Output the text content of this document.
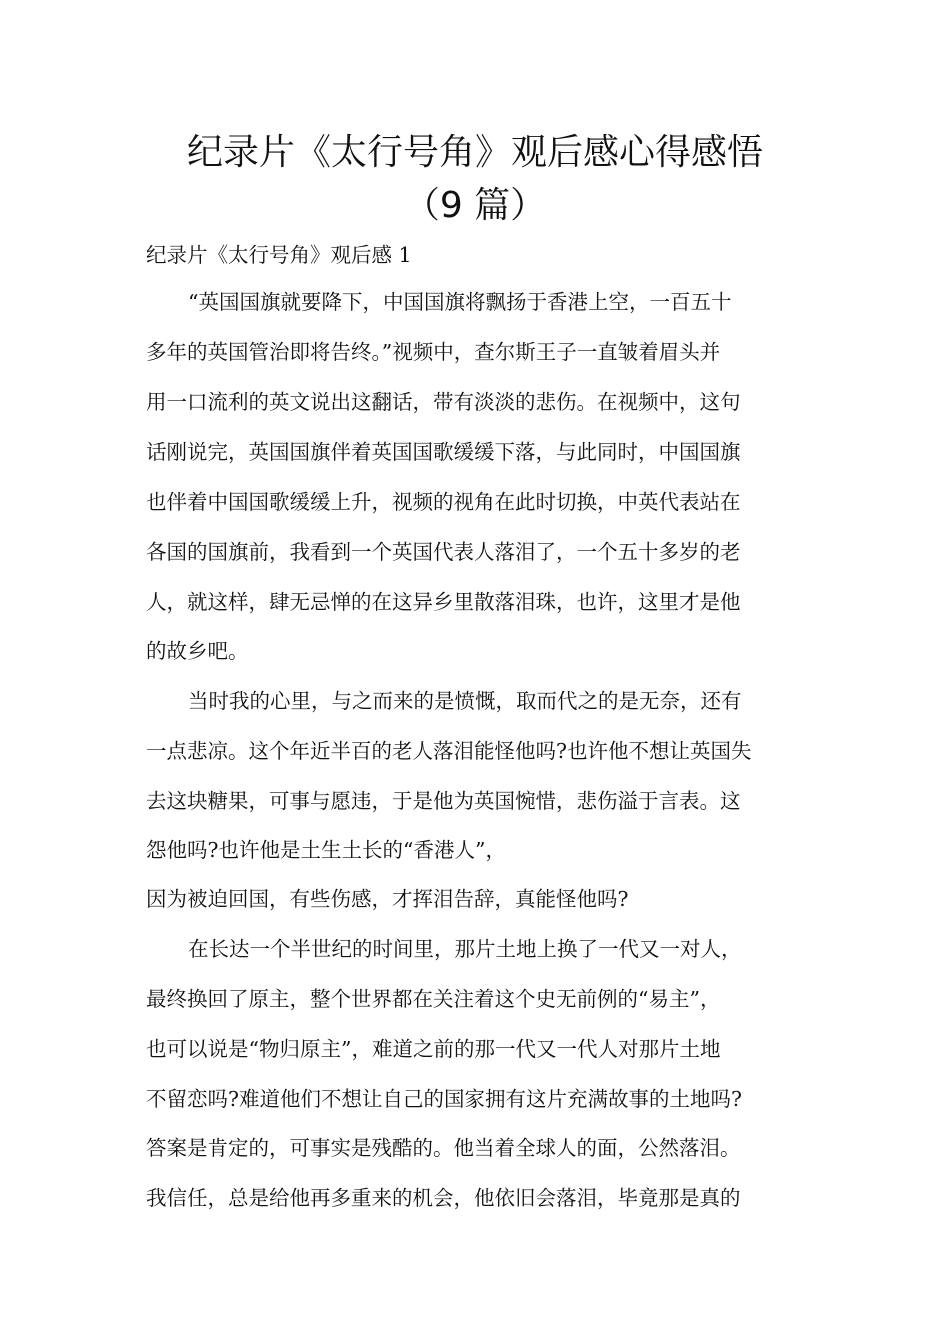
纪录片《太行号角》观后感心得感悟
（9 篇）
纪录片《太行号角》观后感 1
“英国国旗就要降下，中国国旗将飘扬于香港上空，一百五十
多年的英国管治即将告终。”视频中，查尔斯王子一直皱着眉头并
用一口流利的英文说出这翻话，带有淡淡的悲伤。在视频中，这句
话刚说完，英国国旗伴着英国国歌缓缓下落，与此同时，中国国旗
也伴着中国国歌缓缓上升，视频的视角在此时切换，中英代表站在
各国的国旗前，我看到一个英国代表人落泪了，一个五十多岁的老
人，就这样，肆无忌惮的在这异乡里散落泪珠，也许，这里才是他
的故乡吧。
当时我的心里，与之而来的是愤慨，取而代之的是无奈，还有
一点悲凉。这个年近半百的老人落泪能怪他吗?也许他不想让英国失
去这块糖果，可事与愿违，于是他为英国惋惜，悲伤溢于言表。这
怨他吗?也许他是土生土长的“香港人”，
因为被迫回国，有些伤感，才挥泪告辞，真能怪他吗?
在长达一个半世纪的时间里，那片土地上换了一代又一对人，
最终换回了原主，整个世界都在关注着这个史无前例的“易主”，
也可以说是“物归原主”，难道之前的那一代又一代人对那片土地
不留恋吗?难道他们不想让自己的国家拥有这片充满故事的土地吗?
答案是肯定的，可事实是残酷的。他当着全球人的面，公然落泪。
我信任，总是给他再多重来的机会，他依旧会落泪，毕竟那是真的
